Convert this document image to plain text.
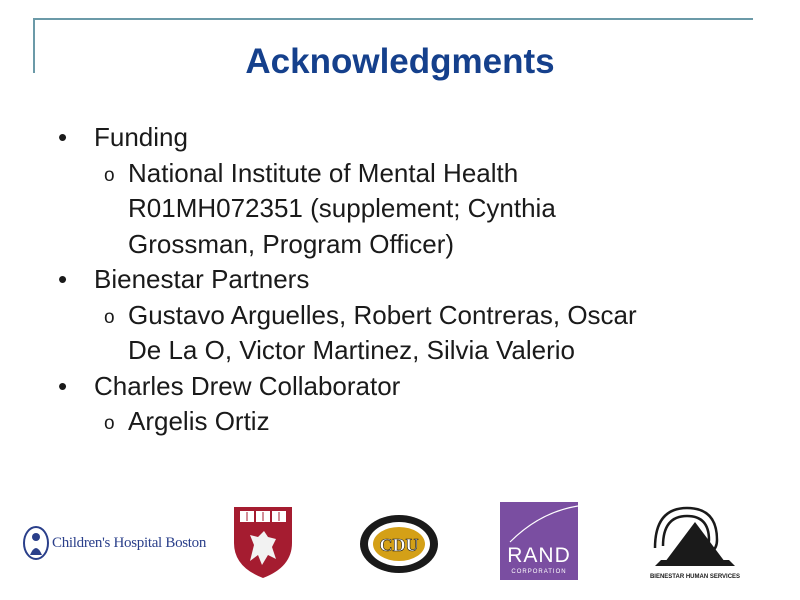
Acknowledgments
• Funding
o National Institute of Mental Health
R01MH072351 (supplement; Cynthia
Grossman, Program Officer)
• Bienestar Partners
o Gustavo Arguelles, Robert Contreras, Oscar
De La O, Victor Martinez, Silvia Valerio
• Charles Drew Collaborator
o Argelis Ortiz
Children's Hospital Boston	CDU	RAND
CORPORATION
BIENESTAR HUMAN SERVICES
